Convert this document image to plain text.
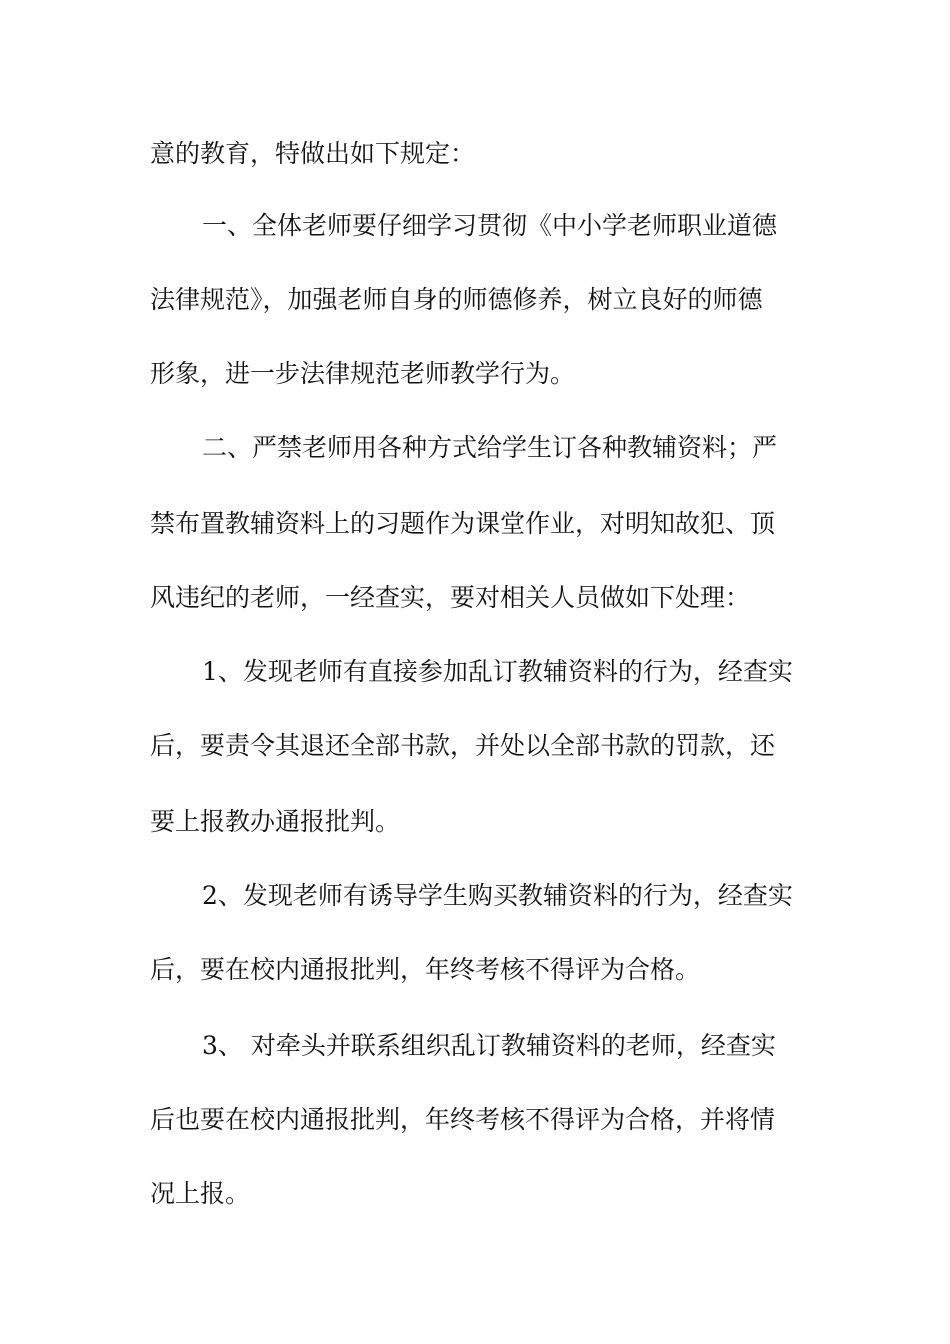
意的教育，特做出如下规定：

一、全体老师要仔细学习贯彻《中小学老师职业道德

法律规范》，加强老师自身的师德修养，树立良好的师德

形象，进一步法律规范老师教学行为。

二、严禁老师用各种方式给学生订各种教辅资料；严

禁布置教辅资料上的习题作为课堂作业，对明知故犯、顶

风违纪的老师，一经查实，要对相关人员做如下处理：

1、发现老师有直接参加乱订教辅资料的行为，经查实

后，要责令其退还全部书款，并处以全部书款的罚款，还

要上报教办通报批判。

2、发现老师有诱导学生购买教辅资料的行为，经查实

后，要在校内通报批判，年终考核不得评为合格。

3、 对牵头并联系组织乱订教辅资料的老师，经查实

后也要在校内通报批判，年终考核不得评为合格，并将情

况上报。
